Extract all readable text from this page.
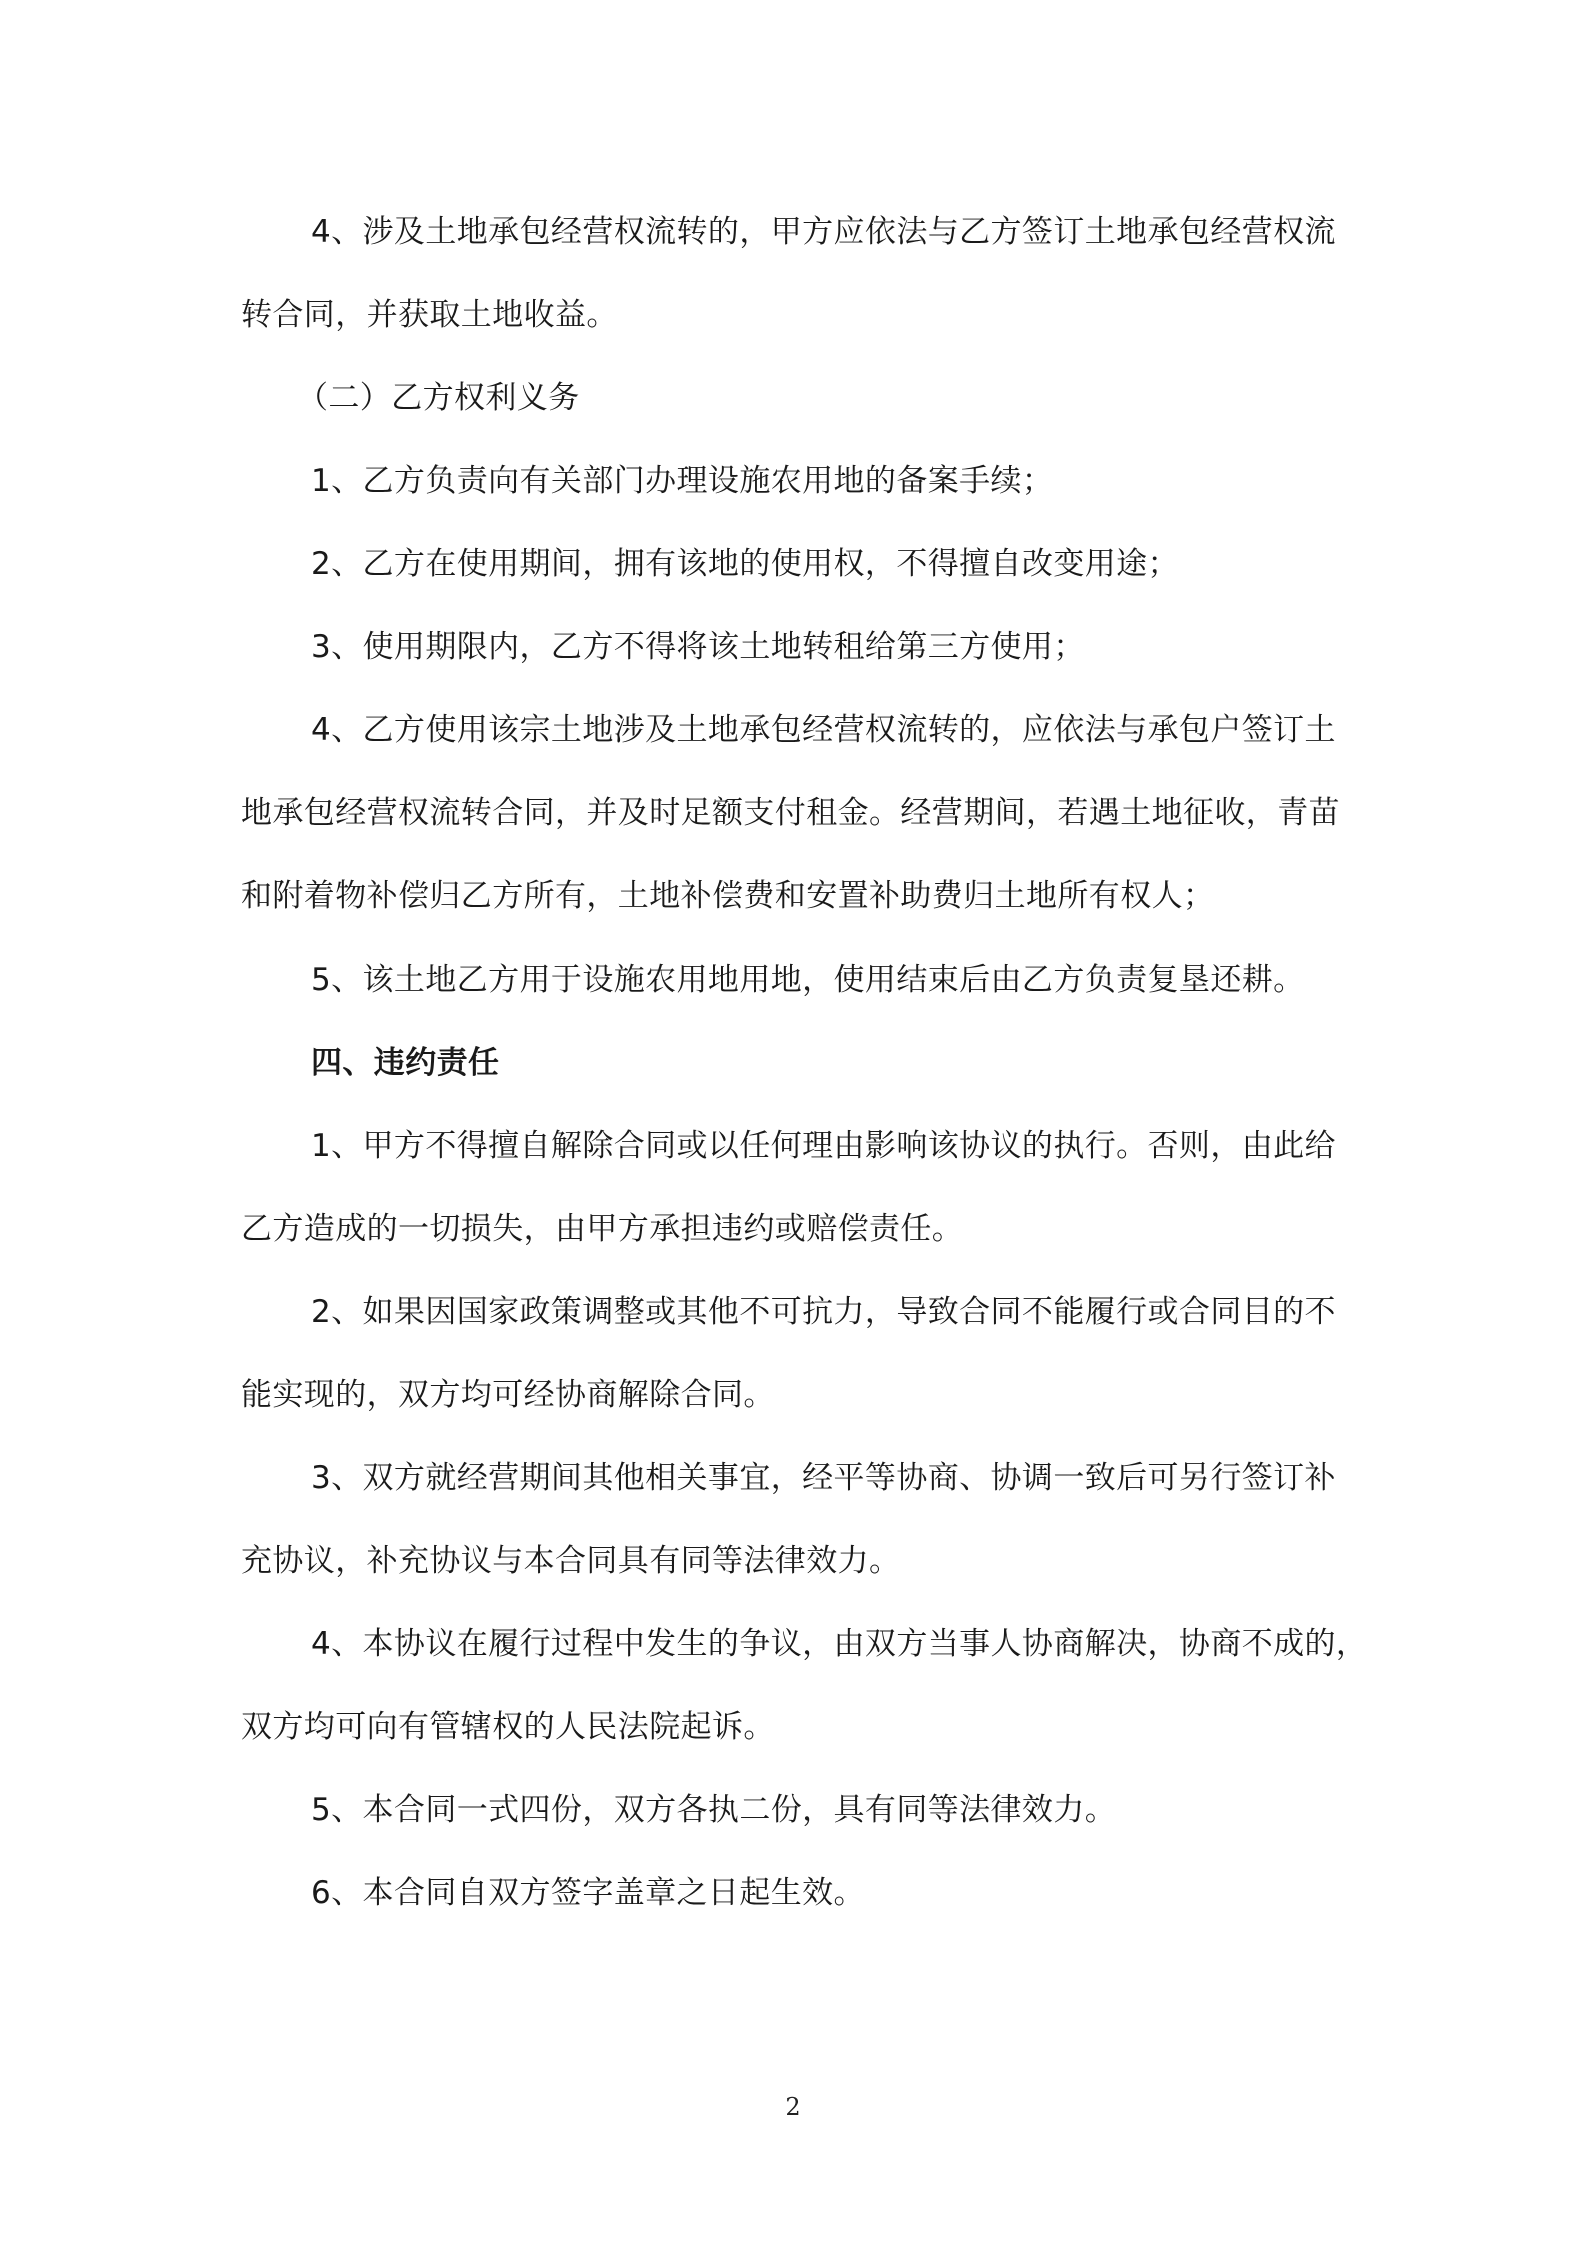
4、涉及土地承包经营权流转的，甲方应依法与乙方签订土地承包经营权流

转合同，并获取土地收益。

（二）乙方权利义务

1、乙方负责向有关部门办理设施农用地的备案手续；

2、乙方在使用期间，拥有该地的使用权，不得擅自改变用途；

3、使用期限内，乙方不得将该土地转租给第三方使用；

4、乙方使用该宗土地涉及土地承包经营权流转的，应依法与承包户签订土

地承包经营权流转合同，并及时足额支付租金。经营期间，若遇土地征收，青苗

和附着物补偿归乙方所有，土地补偿费和安置补助费归土地所有权人；

5、该土地乙方用于设施农用地用地，使用结束后由乙方负责复垦还耕。

四、违约责任

1、甲方不得擅自解除合同或以任何理由影响该协议的执行。否则，由此给

乙方造成的一切损失，由甲方承担违约或赔偿责任。

2、如果因国家政策调整或其他不可抗力，导致合同不能履行或合同目的不

能实现的，双方均可经协商解除合同。

3、双方就经营期间其他相关事宜，经平等协商、协调一致后可另行签订补

充协议，补充协议与本合同具有同等法律效力。

4、本协议在履行过程中发生的争议，由双方当事人协商解决，协商不成的，

双方均可向有管辖权的人民法院起诉。

5、本合同一式四份，双方各执二份，具有同等法律效力。

6、本合同自双方签字盖章之日起生效。

2
